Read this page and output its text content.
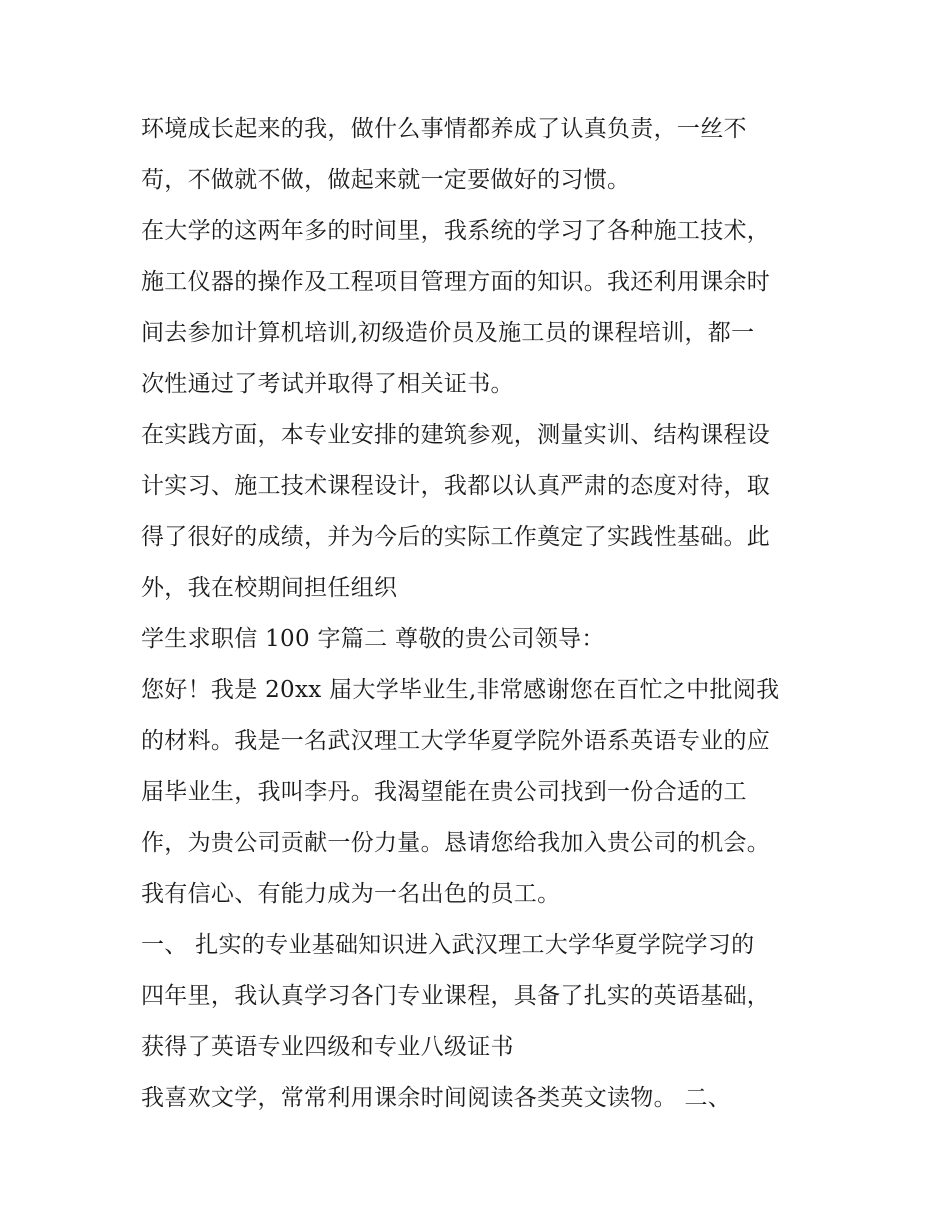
环境成长起来的我，做什么事情都养成了认真负责，一丝不
苟，不做就不做，做起来就一定要做好的习惯。
在大学的这两年多的时间里，我系统的学习了各种施工技术，
施工仪器的操作及工程项目管理方面的知识。我还利用课余时
间去参加计算机培训,初级造价员及施工员的课程培训，都一
次性通过了考试并取得了相关证书。
在实践方面，本专业安排的建筑参观，测量实训、结构课程设
计实习、施工技术课程设计，我都以认真严肃的态度对待，取
得了很好的成绩，并为今后的实际工作奠定了实践性基础。此
外，我在校期间担任组织
学生求职信 100 字篇二 尊敬的贵公司领导：
您好！我是 20xx 届大学毕业生,非常感谢您在百忙之中批阅我
的材料。我是一名武汉理工大学华夏学院外语系英语专业的应
届毕业生，我叫李丹。我渴望能在贵公司找到一份合适的工
作，为贵公司贡献一份力量。恳请您给我加入贵公司的机会。
我有信心、有能力成为一名出色的员工。
一、 扎实的专业基础知识进入武汉理工大学华夏学院学习的
四年里，我认真学习各门专业课程，具备了扎实的英语基础，
获得了英语专业四级和专业八级证书
我喜欢文学，常常利用课余时间阅读各类英文读物。 二、
